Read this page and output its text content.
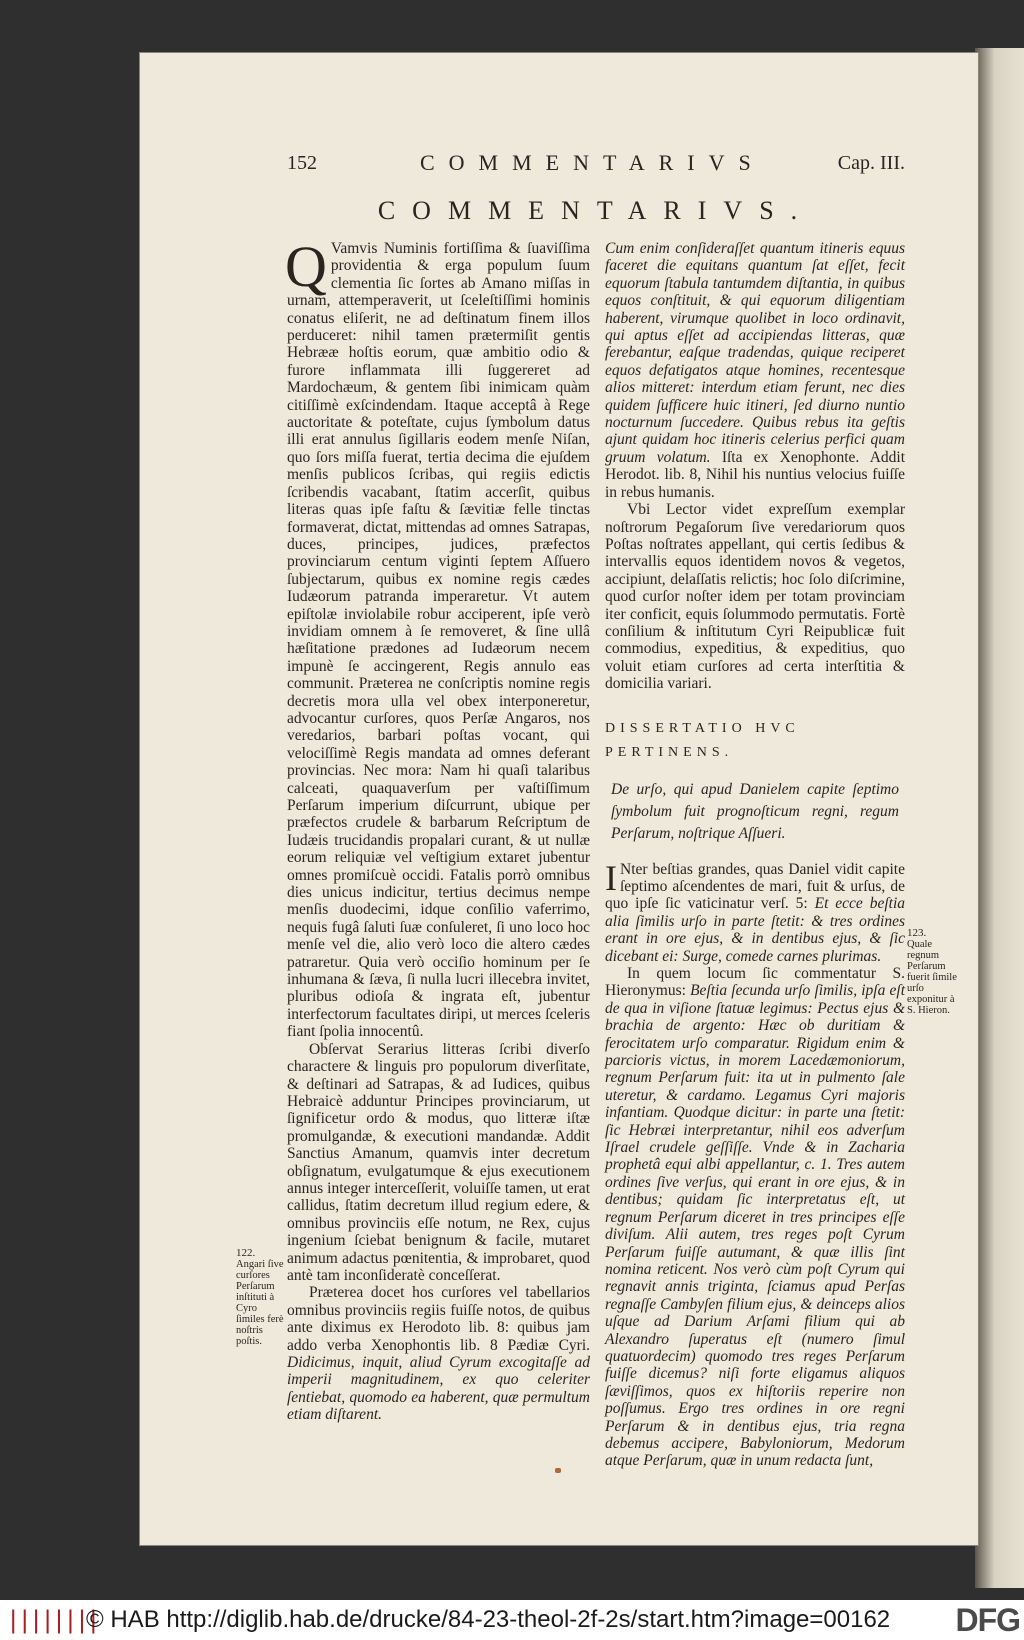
152	COMMENTARIVS	Cap. III.
COMMENTARIVS.

Q Vamvis Numinis fortiſſima & ſuaviſſima providentia & erga populum ſuum clementia ſic ſortes ab Amano miſſas in urnam, attemperaverit, ut ſceleſtiſſimi hominis conatus eliſerit, ne ad deſtinatum finem illos perduceret: nihil tamen prætermiſit gentis Hebrææ hoſtis eorum, quæ ambitio odio & furore inflammata illi ſuggereret ad Mardochæum, & gentem ſibi inimicam quàm citiſſimè exſcindendam. Itaque acceptâ à Rege auctoritate & poteſtate, cujus ſymbolum datus illi erat annulus ſigillaris eodem menſe Niſan, quo ſors miſſa fuerat, tertia decima die ejuſdem menſis publicos ſcribas, qui regiis edictis ſcribendis vacabant, ſtatim accerſit, quibus literas quas ipſe faſtu & ſævitiæ felle tinctas formaverat, dictat, mittendas ad omnes Satrapas, duces, principes, judices, præfectos provinciarum centum viginti ſeptem Aſſuero ſubjectarum, quibus ex nomine regis cædes Iudæorum patranda imperaretur. Vt autem epiſtolæ inviolabile robur acciperent, ipſe verò invidiam omnem à ſe removeret, & ſine ullâ hæſitatione prædones ad Iudæorum necem impunè ſe accingerent, Regis annulo eas communit. Præterea ne conſcriptis nomine regis decretis mora ulla vel obex interponeretur, advocantur curſores, quos Perſæ Angaros, nos veredarios, barbari poſtas vocant, qui velociſſimè Regis mandata ad omnes deferant provincias. Nec mora: Nam hi quaſi talaribus calceati, quaquaverſum per vaſtiſſimum Perſarum imperium diſcurrunt, ubique per præfectos crudele & barbarum Reſcriptum de Iudæis trucidandis propalari curant, & ut nullæ eorum reliquiæ vel veſtigium extaret jubentur omnes promiſcuè occidi. Fatalis porrò omnibus dies unicus indicitur, tertius decimus nempe menſis duodecimi, idque conſilio vaferrimo, nequis fugâ ſaluti ſuæ conſuleret, ſi uno loco hoc menſe vel die, alio verò loco die altero cædes patraretur. Quia verò occiſio hominum per ſe inhumana & ſæva, ſi nulla lucri illecebra invitet, pluribus odioſa & ingrata eſt, jubentur interfectorum facultates diripi, ut merces ſceleris fiant ſpolia innocentû.

Obſervat Serarius litteras ſcribi diverſo charactere & linguis pro populorum diverſitate, & deſtinari ad Satrapas, & ad Iudices, quibus Hebraicè adduntur Principes provinciarum, ut ſignificetur ordo & modus, quo litteræ iſtæ promulgandæ, & executioni mandandæ. Addit Sanctius Amanum, quamvis inter decretum obſignatum, evulgatumque & ejus executionem annus integer interceſſerit, voluiſſe tamen, ut erat callidus, ſtatim decretum illud regium edere, & omnibus provinciis eſſe notum, ne Rex, cujus ingenium ſciebat benignum & facile, mutaret animum adactus pœnitentia, & improbaret, quod antè tam inconſideratè conceſſerat.

Præterea docet hos curſores vel tabellarios omnibus provinciis regiis fuiſſe notos, de quibus ante diximus ex Herodoto lib. 8: quibus jam addo verba Xenophontis lib. 8 Pædiæ Cyri. Didicimus, inquit, aliud Cyrum excogitaſſe ad imperii magnitudinem, ex quo celeriter ſentiebat, quomodo ea haberent, quæ permultum etiam diſtarent.

Cum enim conſideraſſet quantum itineris equus faceret die equitans quantum ſat eſſet, fecit equorum ſtabula tantumdem diſtantia, in quibus equos conſtituit, & qui equorum diligentiam haberent, virumque quolibet in loco ordinavit, qui aptus eſſet ad accipiendas litteras, quæ ferebantur, eaſque tradendas, quique reciperet equos defatigatos atque homines, recentesque alios mitteret: interdum etiam ferunt, nec dies quidem ſufficere huic itineri, ſed diurno nuntio nocturnum ſuccedere. Quibus rebus ita geſtis ajunt quidam hoc itineris celerius perfici quam gruum volatum. Iſta ex Xenophonte. Addit Herodot. lib. 8, Nihil his nuntius velocius fuiſſe in rebus humanis.

Vbi Lector videt expreſſum exemplar noſtrorum Pegaſorum ſive veredariorum quos Poſtas noſtrates appellant, qui certis ſedibus & intervallis equos identidem novos & vegetos, accipiunt, delaſſatis relictis; hoc ſolo diſcrimine, quod curſor noſter idem per totam provinciam iter conficit, equis ſolummodo permutatis. Fortè conſilium & inſtitutum Cyri Reipublicæ fuit commodius, expeditius, & expeditius, quo voluit etiam curſores ad certa interſtitia & domicilia variari.

DISSERTATIO HVC
PERTINENS.

De urſo, qui apud Danielem capite ſeptimo ſymbolum fuit prognoſticum regni, regum Perſarum, noſtrique Aſſueri.

I Nter beſtias grandes, quas Daniel vidit capite ſeptimo aſcendentes de mari, fuit & urſus, de quo ipſe ſic vaticinatur verſ. 5: Et ecce beſtia alia ſimilis urſo in parte ſtetit: & tres ordines erant in ore ejus, & in dentibus ejus, & ſic dicebant ei: Surge, comede carnes plurimas.

In quem locum ſic commentatur S. Hieronymus: Beſtia ſecunda urſo ſimilis, ipſa eſt de qua in viſione ſtatuæ legimus: Pectus ejus & brachia de argento: Hæc ob duritiam & ferocitatem urſo comparatur. Rigidum enim & parcioris victus, in morem Lacedæmoniorum, regnum Perſarum fuit: ita ut in pulmento ſale uteretur, & cardamo. Legamus Cyri majoris infantiam. Quodque dicitur: in parte una ſtetit: ſic Hebræi interpretantur, nihil eos adverſum Iſrael crudele geſſiſſe. Vnde & in Zacharia prophetâ equi albi appellantur, c. 1. Tres autem ordines ſive verſus, qui erant in ore ejus, & in dentibus; quidam ſic interpretatus eſt, ut regnum Perſarum diceret in tres principes eſſe diviſum. Alii autem, tres reges poſt Cyrum Perſarum fuiſſe autumant, & quæ illis ſint nomina reticent. Nos verò cùm poſt Cyrum qui regnavit annis triginta, ſciamus apud Perſas regnaſſe Cambyſen filium ejus, & deinceps alios uſque ad Darium Arſami filium qui ab Alexandro ſuperatus eſt (numero ſimul quatuordecim) quomodo tres reges Perſarum fuiſſe dicemus? niſi forte eligamus aliquos ſæviſſimos, quos ex hiſtoriis reperire non poſſumus. Ergo tres ordines in ore regni Perſarum & in dentibus ejus, tria regna debemus accipere, Babyloniorum, Medorum atque Perſarum, quæ in unum redacta ſunt,

122.
Angari ſive curſores Perſarum inſtituti à Cyro ſimiles ferè noſtris poſtis.
123.
Quale regnum Perſarum fuerit ſimile urſo exponitur à S. Hieron.
||||||||
© HAB http://diglib.hab.de/drucke/84-23-theol-2f-2s/start.htm?image=00162 DFG
